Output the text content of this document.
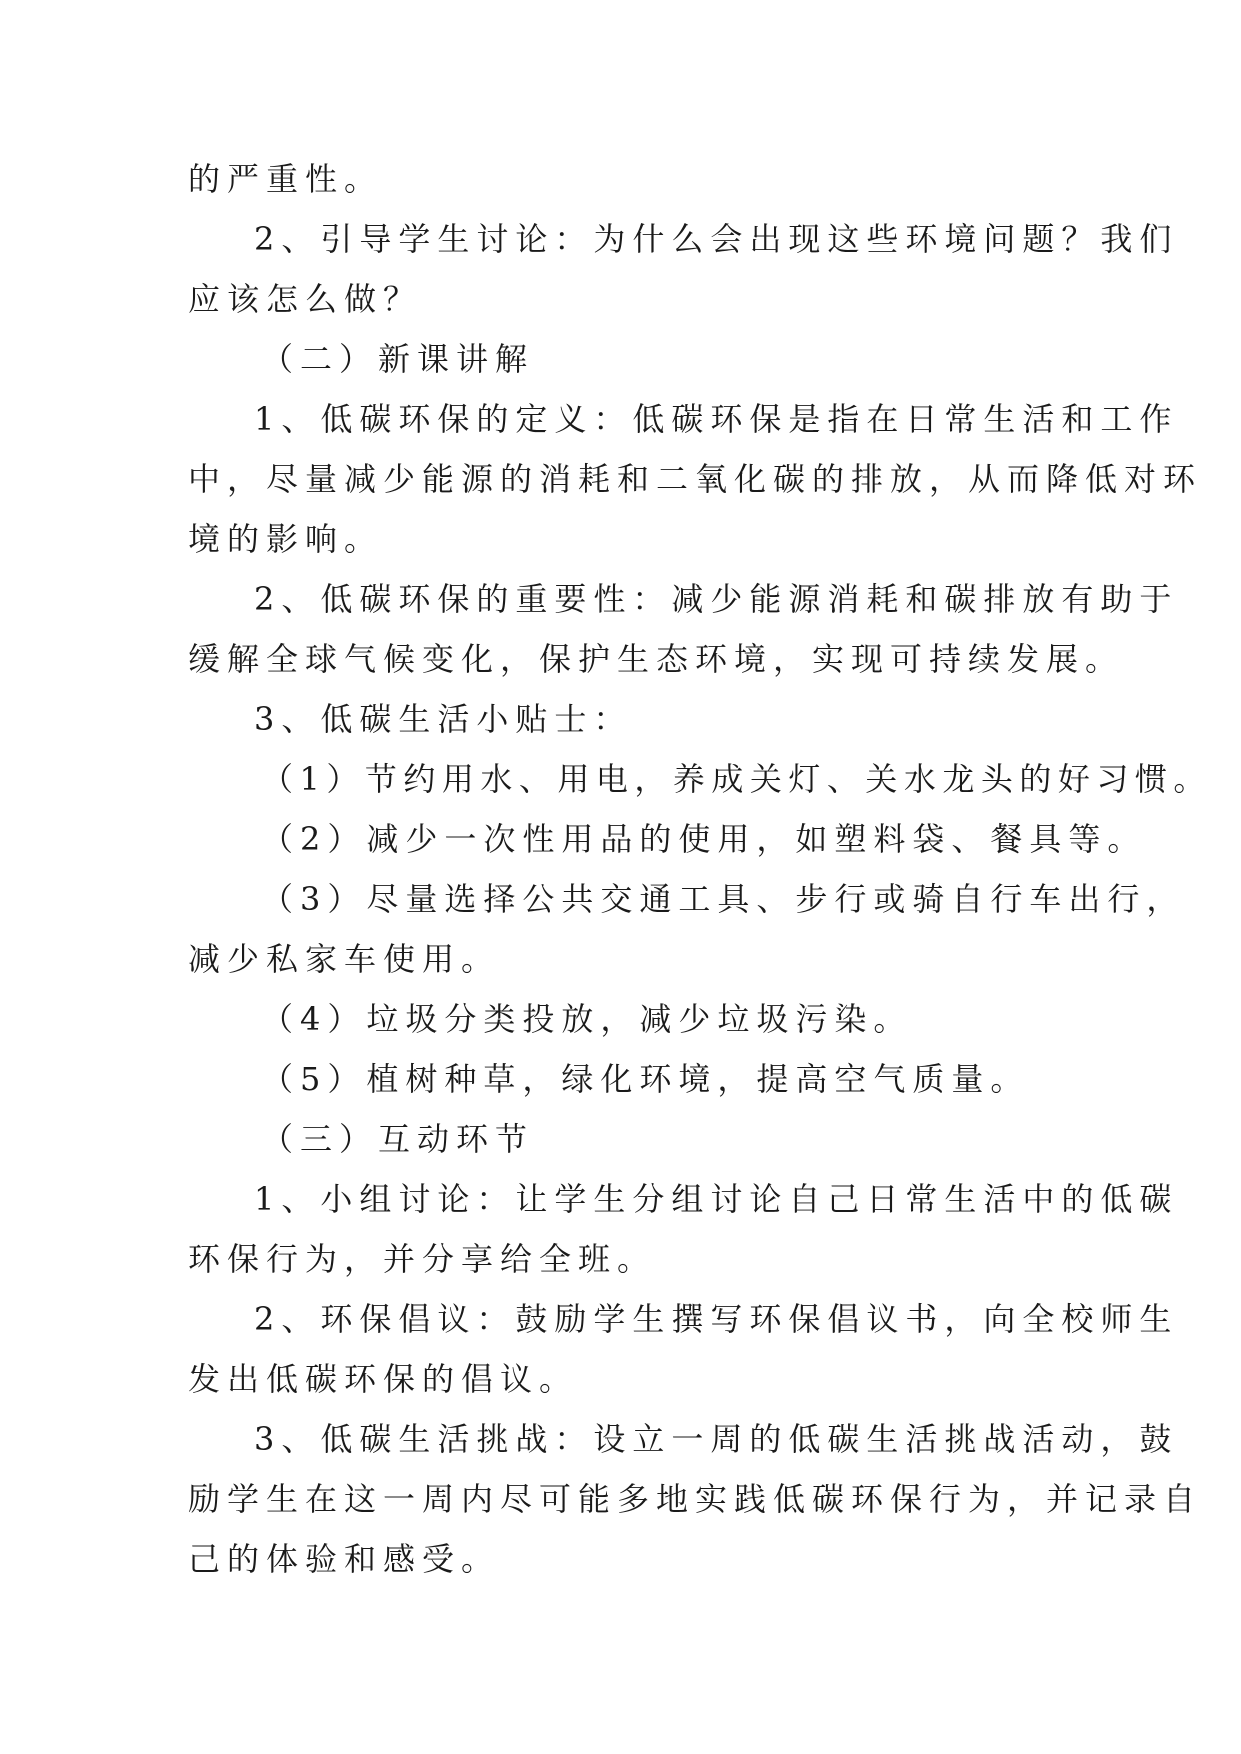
的严重性。
2、引导学生讨论：为什么会出现这些环境问题？我们
应该怎么做？
（二）新课讲解
1、低碳环保的定义：低碳环保是指在日常生活和工作
中，尽量减少能源的消耗和二氧化碳的排放，从而降低对环
境的影响。
2、低碳环保的重要性：减少能源消耗和碳排放有助于
缓解全球气候变化，保护生态环境，实现可持续发展。
3、低碳生活小贴士：
（1）节约用水、用电，养成关灯、关水龙头的好习惯。
（2）减少一次性用品的使用，如塑料袋、餐具等。
（3）尽量选择公共交通工具、步行或骑自行车出行，
减少私家车使用。
（4）垃圾分类投放，减少垃圾污染。
（5）植树种草，绿化环境，提高空气质量。
（三）互动环节
1、小组讨论：让学生分组讨论自己日常生活中的低碳
环保行为，并分享给全班。
2、环保倡议：鼓励学生撰写环保倡议书，向全校师生
发出低碳环保的倡议。
3、低碳生活挑战：设立一周的低碳生活挑战活动，鼓
励学生在这一周内尽可能多地实践低碳环保行为，并记录自
己的体验和感受。
